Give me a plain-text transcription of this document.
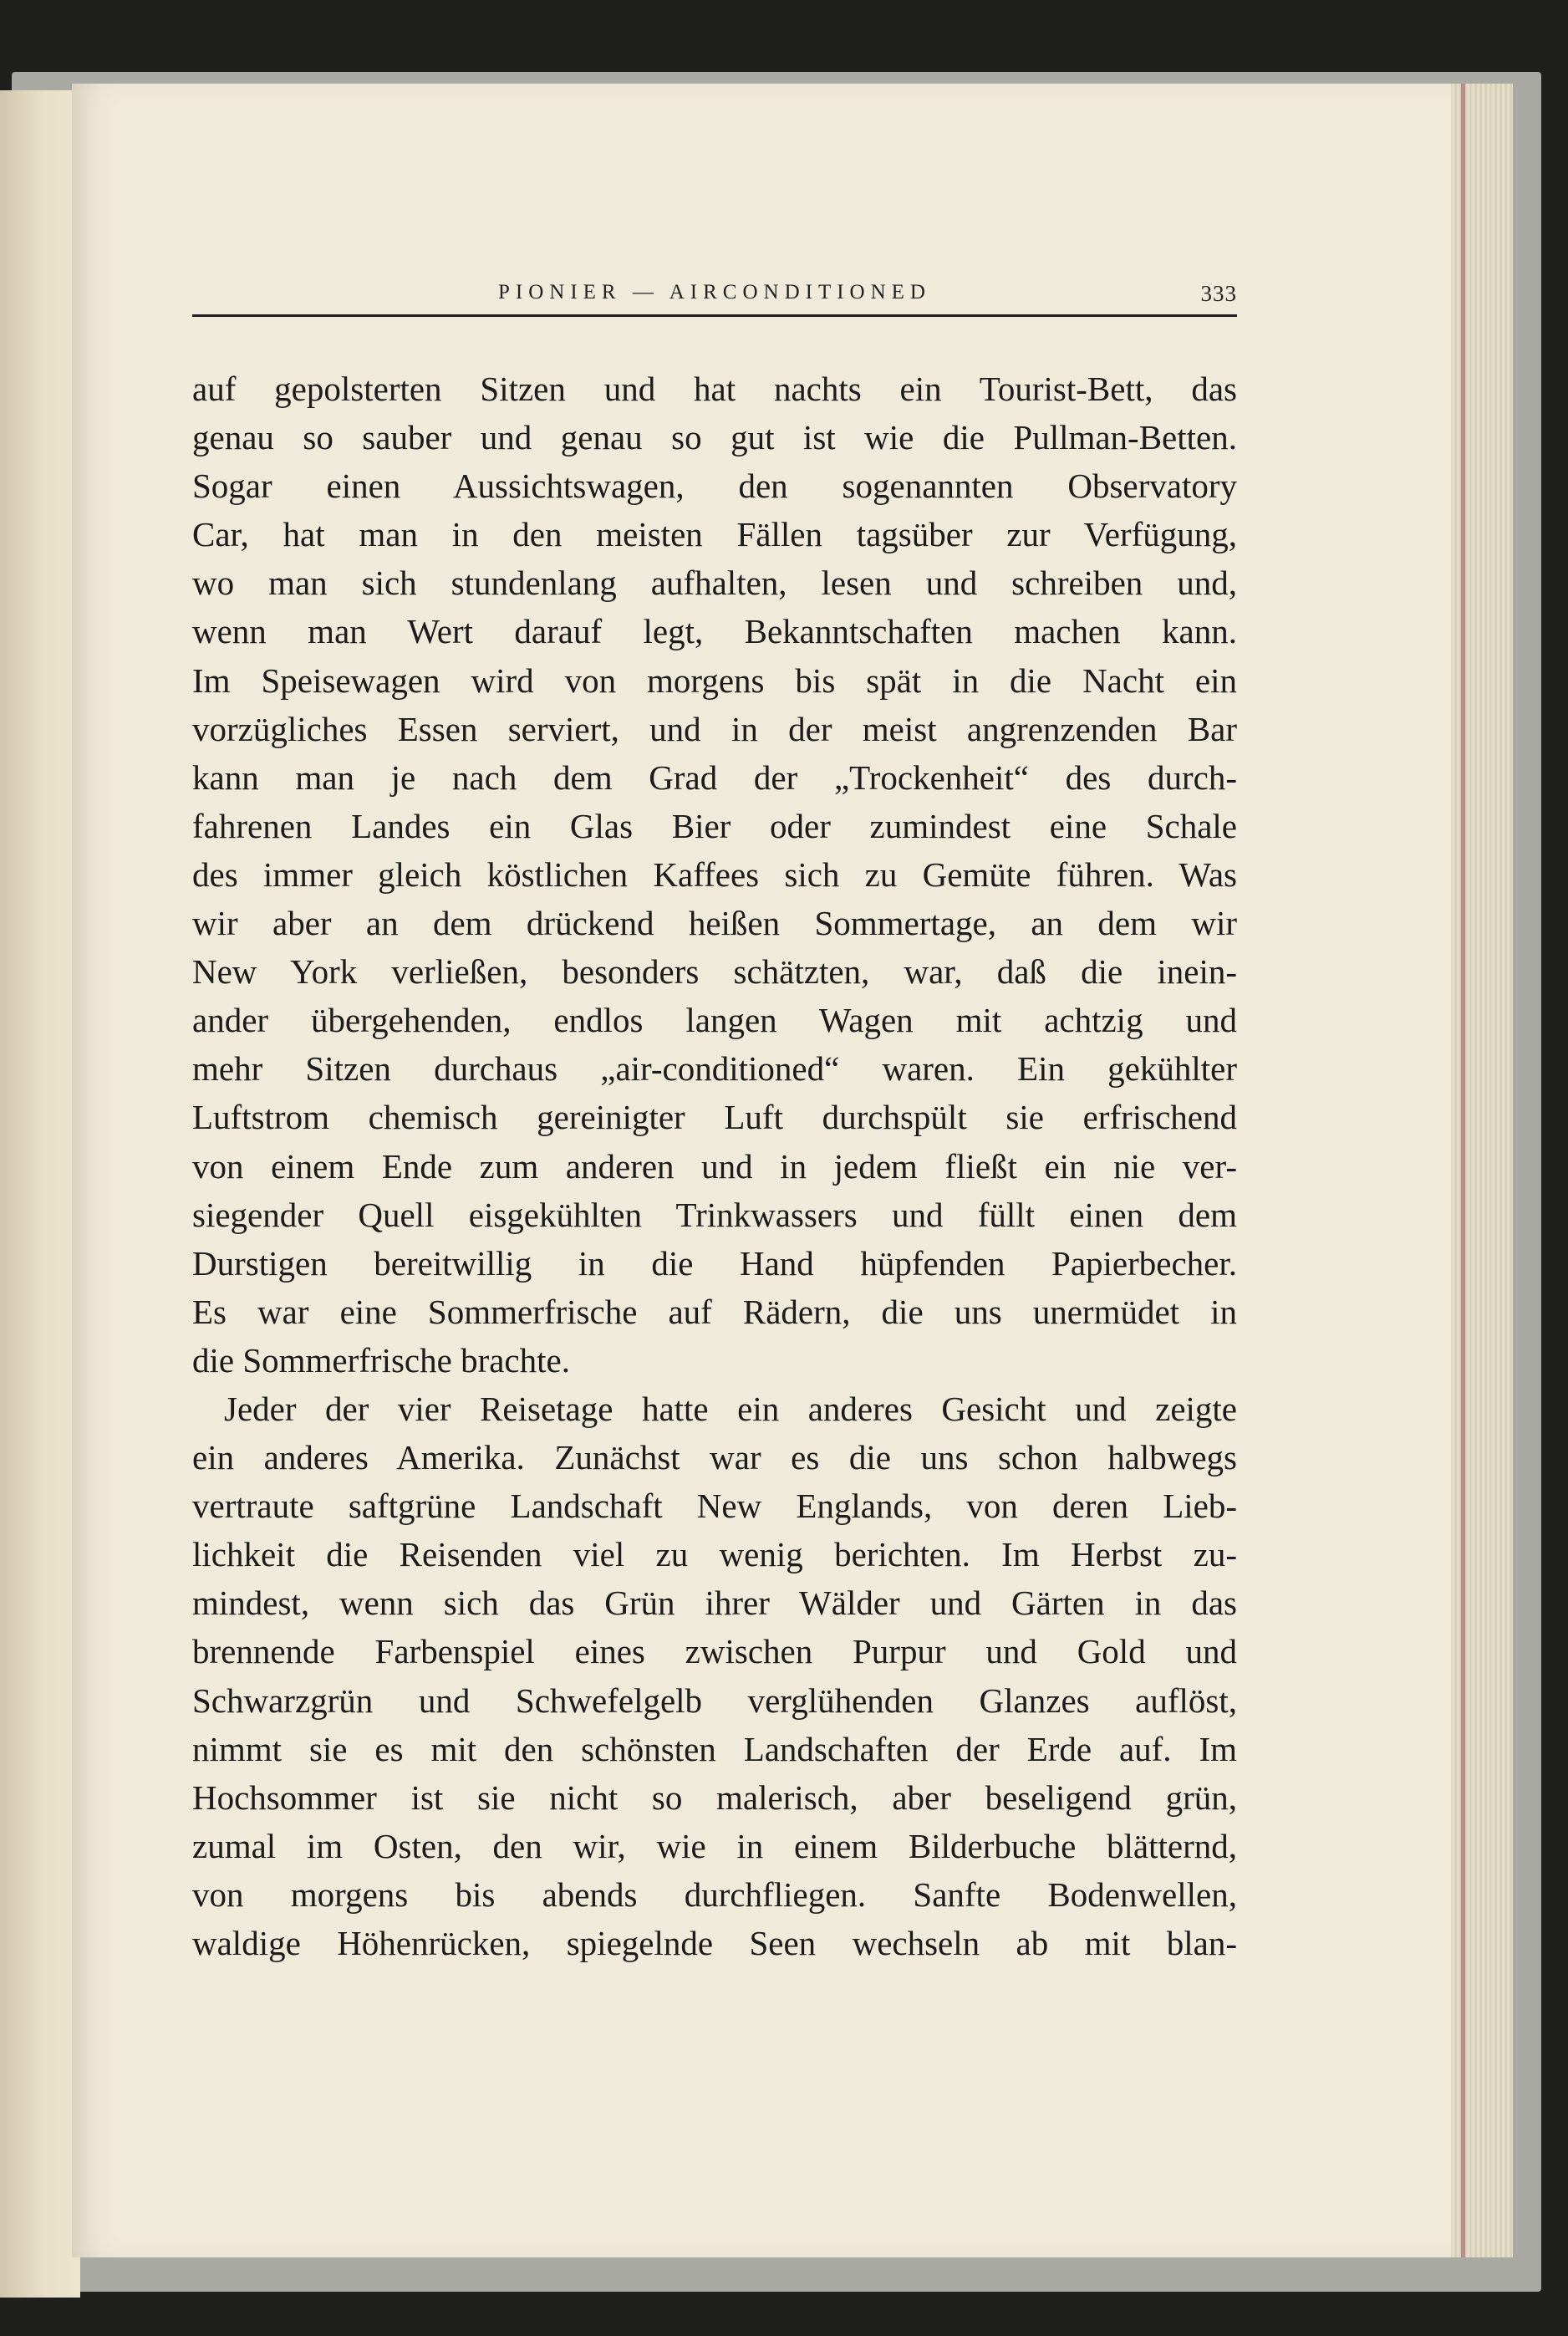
PIONIER — AIRCONDITIONED	333
auf gepolsterten Sitzen und hat nachts ein Tourist-Bett, das
genau so sauber und genau so gut ist wie die Pullman-Betten.
Sogar einen Aussichtswagen, den sogenannten Observatory
Car, hat man in den meisten Fällen tagsüber zur Verfügung,
wo man sich stundenlang aufhalten, lesen und schreiben und,
wenn man Wert darauf legt, Bekanntschaften machen kann.
Im Speisewagen wird von morgens bis spät in die Nacht ein
vorzügliches Essen serviert, und in der meist angrenzenden Bar
kann man je nach dem Grad der „Trockenheit“ des durch-
fahrenen Landes ein Glas Bier oder zumindest eine Schale
des immer gleich köstlichen Kaffees sich zu Gemüte führen. Was
wir aber an dem drückend heißen Sommertage, an dem wir
New York verließen, besonders schätzten, war, daß die inein-
ander übergehenden, endlos langen Wagen mit achtzig und
mehr Sitzen durchaus „air-conditioned“ waren. Ein gekühlter
Luftstrom chemisch gereinigter Luft durchspült sie erfrischend
von einem Ende zum anderen und in jedem fließt ein nie ver-
siegender Quell eisgekühlten Trinkwassers und füllt einen dem
Durstigen bereitwillig in die Hand hüpfenden Papierbecher.
Es war eine Sommerfrische auf Rädern, die uns unermüdet in
die Sommerfrische brachte.
Jeder der vier Reisetage hatte ein anderes Gesicht und zeigte
ein anderes Amerika. Zunächst war es die uns schon halbwegs
vertraute saftgrüne Landschaft New Englands, von deren Lieb-
lichkeit die Reisenden viel zu wenig berichten. Im Herbst zu-
mindest, wenn sich das Grün ihrer Wälder und Gärten in das
brennende Farbenspiel eines zwischen Purpur und Gold und
Schwarzgrün und Schwefelgelb verglühenden Glanzes auflöst,
nimmt sie es mit den schönsten Landschaften der Erde auf. Im
Hochsommer ist sie nicht so malerisch, aber beseligend grün,
zumal im Osten, den wir, wie in einem Bilderbuche blätternd,
von morgens bis abends durchfliegen. Sanfte Bodenwellen,
waldige Höhenrücken, spiegelnde Seen wechseln ab mit blan-
